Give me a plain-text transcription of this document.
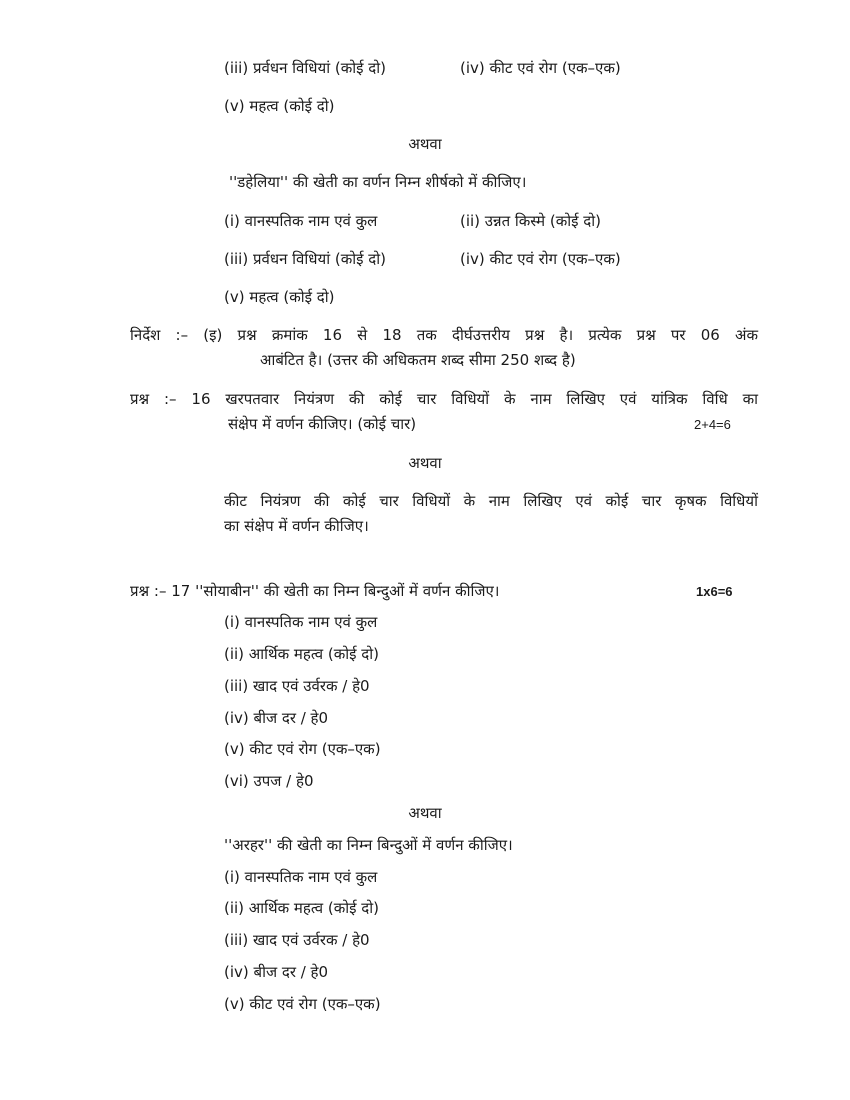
(iii) प्रर्वधन विधियां (कोई दो)	(iv) कीट एवं रोग (एक–एक)
(v) महत्व (कोई दो)
अथवा
''डहेलिया'' की खेती का वर्णन निम्न शीर्षको में कीजिए।
(i) वानस्पतिक नाम एवं कुल	(ii) उन्नत किस्मे (कोई दो)
(iii) प्रर्वधन विधियां (कोई दो)	(iv) कीट एवं रोग (एक–एक)
(v) महत्व (कोई दो)
निर्देश :– (इ) प्रश्न क्रमांक 16 से 18 तक दीर्घउत्तरीय प्रश्न है। प्रत्येक प्रश्न पर 06 अंक
आबंटित है। (उत्तर की अधिकतम शब्द सीमा 250 शब्द है)
प्रश्न :– 16 खरपतवार नियंत्रण की कोई चार विधियों के नाम लिखिए एवं यांत्रिक विधि का
संक्षेप में वर्णन कीजिए। (कोई चार)	2+4=6
अथवा
कीट नियंत्रण की कोई चार विधियों के नाम लिखिए एवं कोई चार कृषक विधियों
का संक्षेप में वर्णन कीजिए।
प्रश्न :– 17 ''सोयाबीन'' की खेती का निम्न बिन्दुओं में वर्णन कीजिए।	1x6=6
(i) वानस्पतिक नाम एवं कुल
(ii) आर्थिक महत्व (कोई दो)
(iii) खाद एवं उर्वरक / हे0
(iv) बीज दर / हे0
(v) कीट एवं रोग (एक–एक)
(vi) उपज / हे0
अथवा
''अरहर'' की खेती का निम्न बिन्दुओं में वर्णन कीजिए।
(i) वानस्पतिक नाम एवं कुल
(ii) आर्थिक महत्व (कोई दो)
(iii) खाद एवं उर्वरक / हे0
(iv) बीज दर / हे0
(v) कीट एवं रोग (एक–एक)
